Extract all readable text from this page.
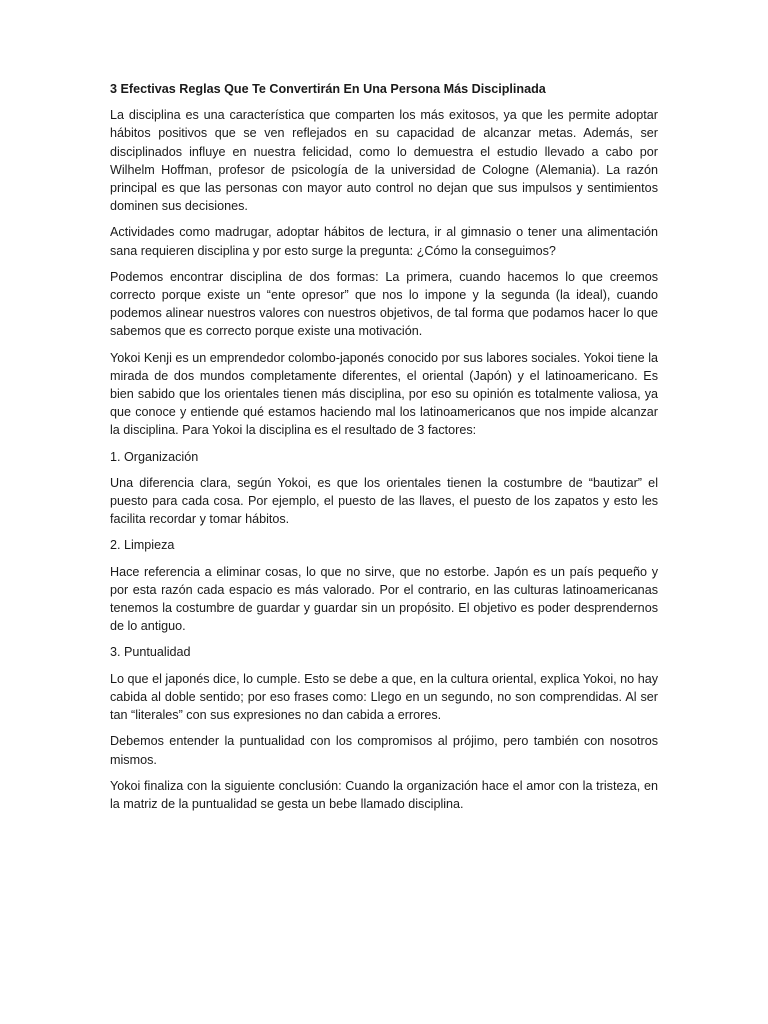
3 Efectivas Reglas Que Te Convertirán En Una Persona Más Disciplinada

La disciplina es una característica que comparten los más exitosos, ya que les permite adoptar hábitos positivos que se ven reflejados en su capacidad de alcanzar metas. Además, ser disciplinados influye en nuestra felicidad, como lo demuestra el estudio llevado a cabo por Wilhelm Hoffman, profesor de psicología de la universidad de Cologne (Alemania). La razón principal es que las personas con mayor auto control no dejan que sus impulsos y sentimientos dominen sus decisiones.

Actividades como madrugar, adoptar hábitos de lectura, ir al gimnasio o tener una alimentación sana requieren disciplina y por esto surge la pregunta: ¿Cómo la conseguimos?

Podemos encontrar disciplina de dos formas: La primera, cuando hacemos lo que creemos correcto porque existe un “ente opresor” que nos lo impone y la segunda (la ideal), cuando podemos alinear nuestros valores con nuestros objetivos, de tal forma que podamos hacer lo que sabemos que es correcto porque existe una motivación.

Yokoi Kenji es un emprendedor colombo-japonés conocido por sus labores sociales. Yokoi tiene la mirada de dos mundos completamente diferentes, el oriental (Japón) y el latinoamericano. Es bien sabido que los orientales tienen más disciplina, por eso su opinión es totalmente valiosa, ya que conoce y entiende qué estamos haciendo mal los latinoamericanos que nos impide alcanzar la disciplina. Para Yokoi la disciplina es el resultado de 3 factores:

1. Organización

Una diferencia clara, según Yokoi, es que los orientales tienen la costumbre de “bautizar” el puesto para cada cosa. Por ejemplo, el puesto de las llaves, el puesto de los zapatos y esto les facilita recordar y tomar hábitos.

2. Limpieza

Hace referencia a eliminar cosas, lo que no sirve, que no estorbe. Japón es un país pequeño y por esta razón cada espacio es más valorado. Por el contrario, en las culturas latinoamericanas tenemos la costumbre de guardar y guardar sin un propósito. El objetivo es poder desprendernos de lo antiguo.

3. Puntualidad

Lo que el japonés dice, lo cumple. Esto se debe a que, en la cultura oriental, explica Yokoi, no hay cabida al doble sentido; por eso frases como: Llego en un segundo, no son comprendidas. Al ser tan “literales” con sus expresiones no dan cabida a errores.

Debemos entender la puntualidad con los compromisos al prójimo, pero también con nosotros mismos.

Yokoi finaliza con la siguiente conclusión: Cuando la organización hace el amor con la tristeza, en la matriz de la puntualidad se gesta un bebe llamado disciplina.
